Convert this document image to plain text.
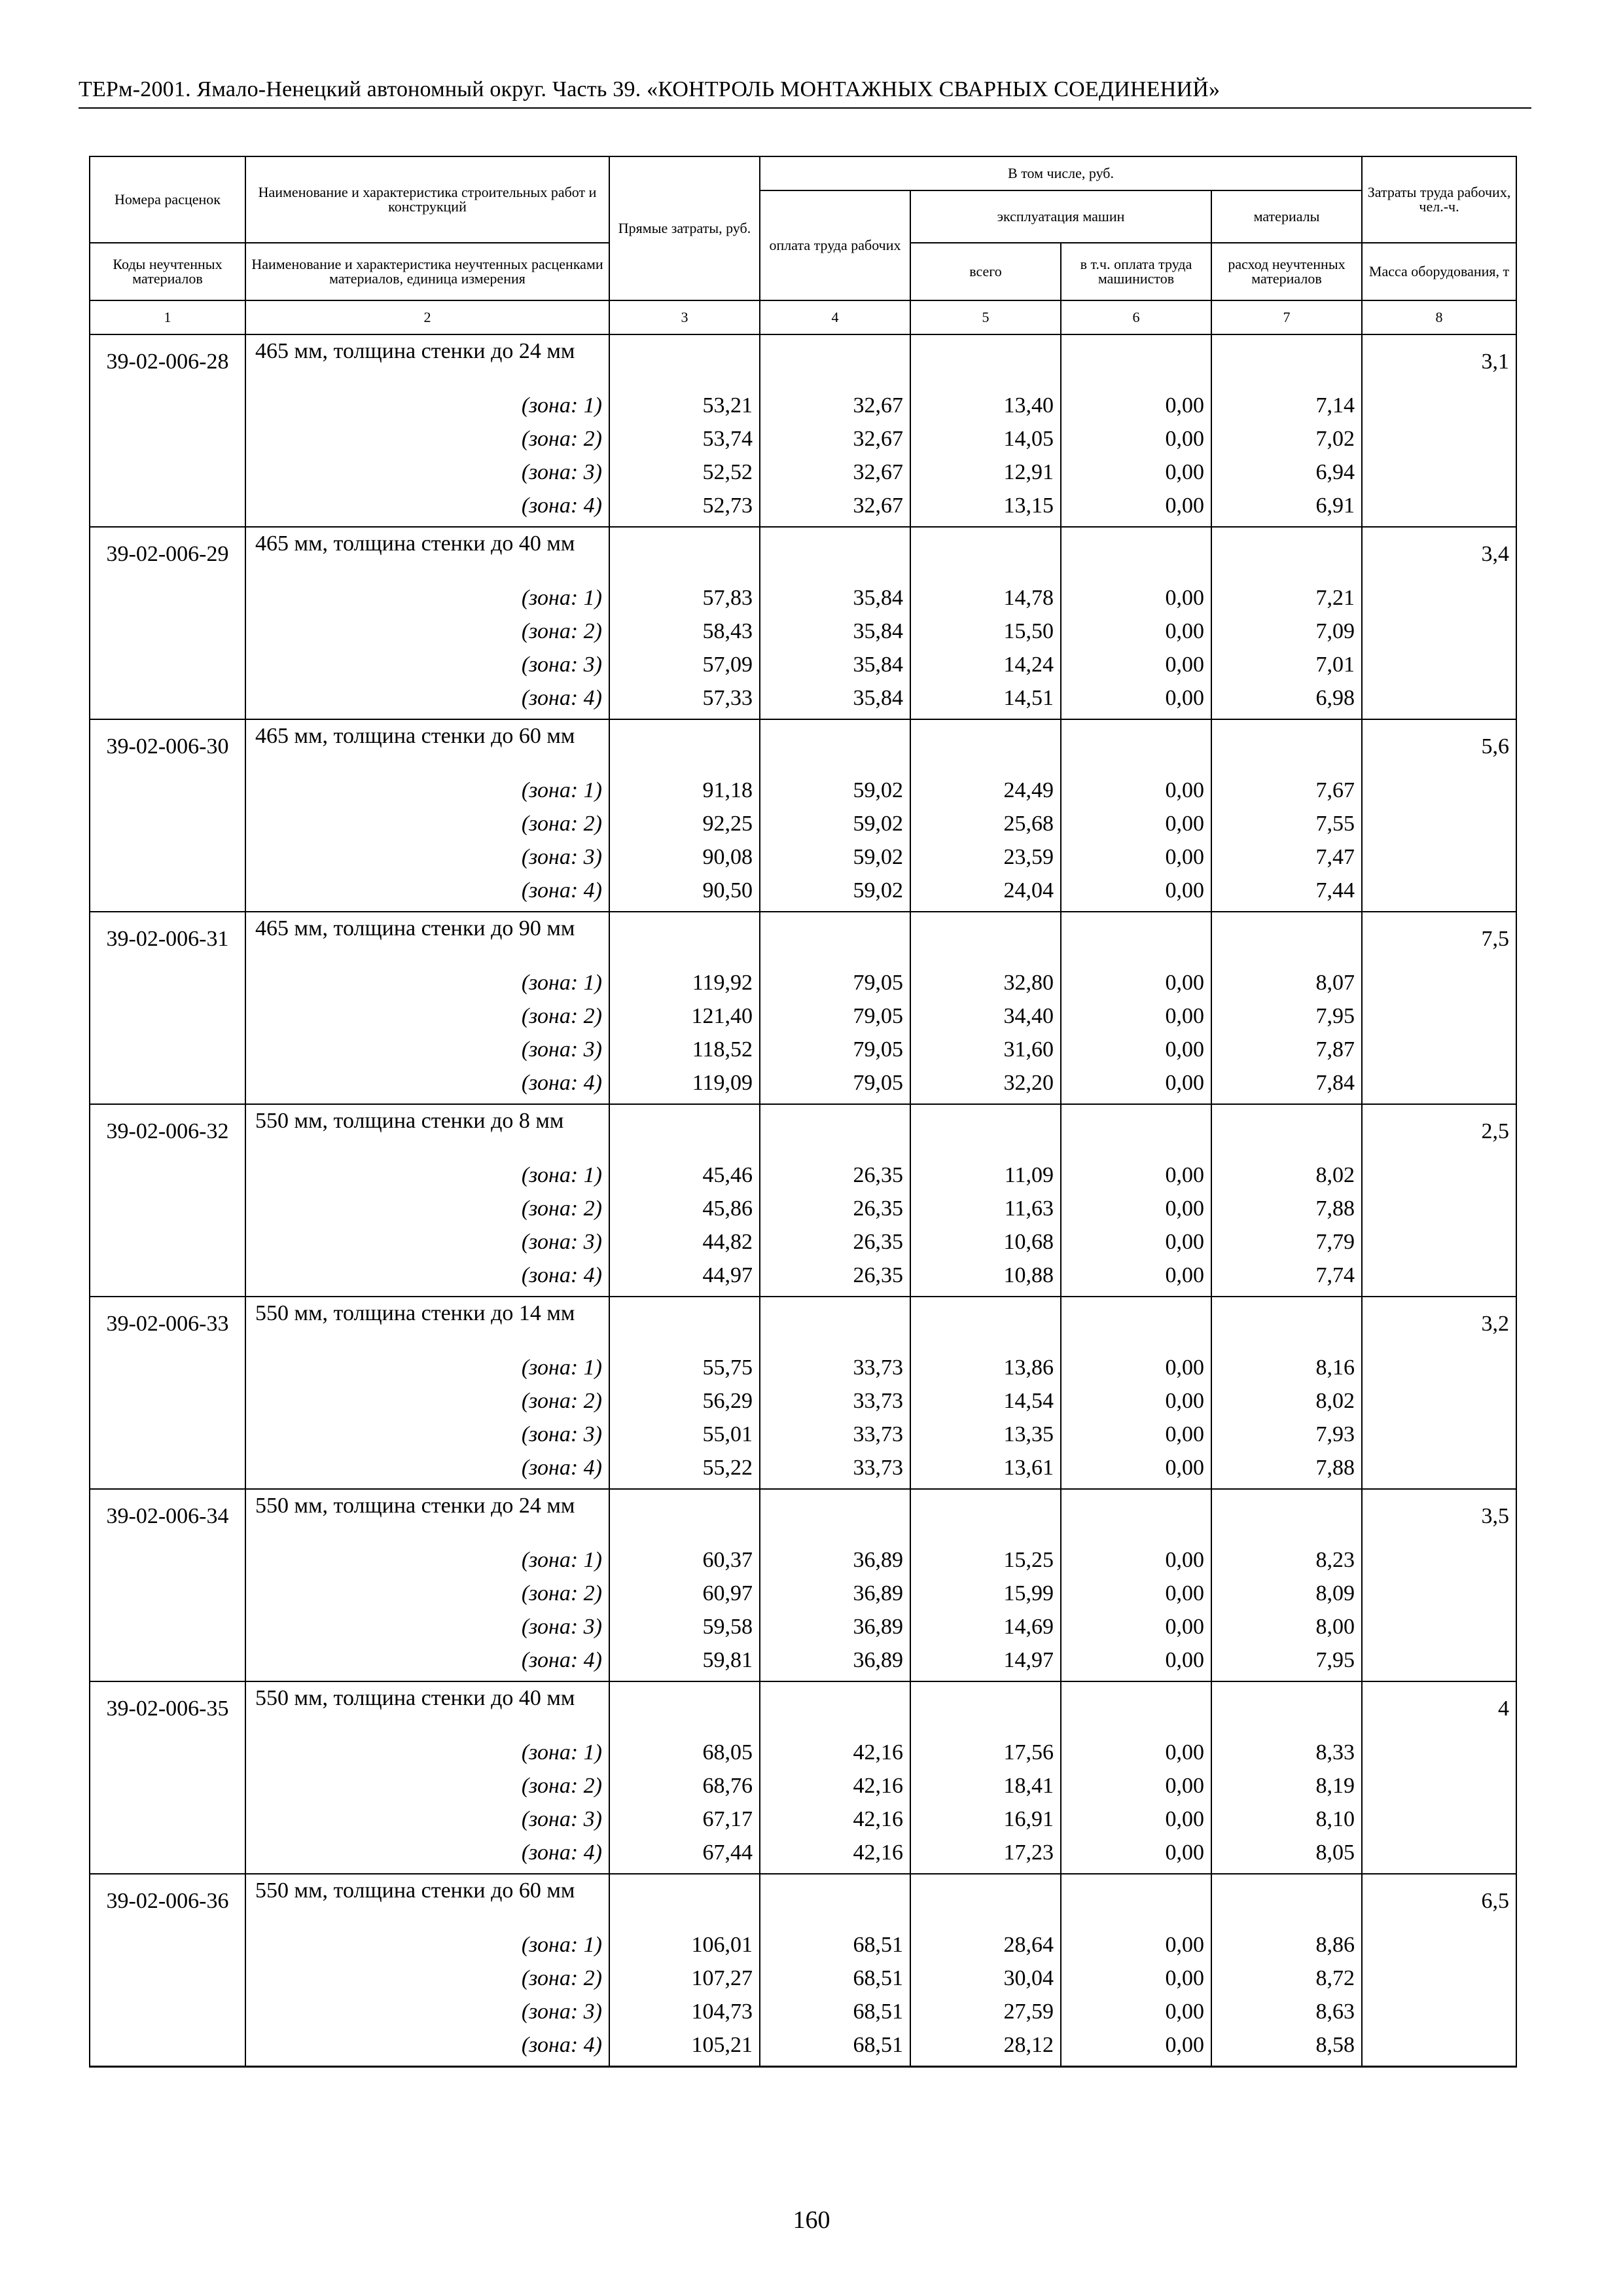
ТЕРм-2001. Ямало-Ненецкий автономный округ. Часть 39. «КОНТРОЛЬ МОНТАЖНЫХ СВАРНЫХ СОЕДИНЕНИЙ»
Номера расценок	Наименование и характеристика строительных работ и конструкций	Прямые затраты, руб.	В том числе, руб.				Затраты труда рабочих, чел.-ч.
			оплата труда рабочих	эксплуатация машин		материалы	
Коды неучтенных материалов	Наименование и характеристика неучтенных расценками материалов, единица измерения			всего	в т.ч. оплата труда машинистов	расход неучтенных материалов	Масса оборудования, т
1	2	3	4	5	6	7	8
39-02-006-28	465 мм, толщина стенки до 24 мм						3,1
	(зона: 1)	53,21	32,67	13,40	0,00	7,14	
	(зона: 2)	53,74	32,67	14,05	0,00	7,02	
	(зона: 3)	52,52	32,67	12,91	0,00	6,94	
	(зона: 4)	52,73	32,67	13,15	0,00	6,91	
39-02-006-29	465 мм, толщина стенки до 40 мм						3,4
	(зона: 1)	57,83	35,84	14,78	0,00	7,21	
	(зона: 2)	58,43	35,84	15,50	0,00	7,09	
	(зона: 3)	57,09	35,84	14,24	0,00	7,01	
	(зона: 4)	57,33	35,84	14,51	0,00	6,98	
39-02-006-30	465 мм, толщина стенки до 60 мм						5,6
	(зона: 1)	91,18	59,02	24,49	0,00	7,67	
	(зона: 2)	92,25	59,02	25,68	0,00	7,55	
	(зона: 3)	90,08	59,02	23,59	0,00	7,47	
	(зона: 4)	90,50	59,02	24,04	0,00	7,44	
39-02-006-31	465 мм, толщина стенки до 90 мм						7,5
	(зона: 1)	119,92	79,05	32,80	0,00	8,07	
	(зона: 2)	121,40	79,05	34,40	0,00	7,95	
	(зона: 3)	118,52	79,05	31,60	0,00	7,87	
	(зона: 4)	119,09	79,05	32,20	0,00	7,84	
39-02-006-32	550 мм, толщина стенки до 8 мм						2,5
	(зона: 1)	45,46	26,35	11,09	0,00	8,02	
	(зона: 2)	45,86	26,35	11,63	0,00	7,88	
	(зона: 3)	44,82	26,35	10,68	0,00	7,79	
	(зона: 4)	44,97	26,35	10,88	0,00	7,74	
39-02-006-33	550 мм, толщина стенки до 14 мм						3,2
	(зона: 1)	55,75	33,73	13,86	0,00	8,16	
	(зона: 2)	56,29	33,73	14,54	0,00	8,02	
	(зона: 3)	55,01	33,73	13,35	0,00	7,93	
	(зона: 4)	55,22	33,73	13,61	0,00	7,88	
39-02-006-34	550 мм, толщина стенки до 24 мм						3,5
	(зона: 1)	60,37	36,89	15,25	0,00	8,23	
	(зона: 2)	60,97	36,89	15,99	0,00	8,09	
	(зона: 3)	59,58	36,89	14,69	0,00	8,00	
	(зона: 4)	59,81	36,89	14,97	0,00	7,95	
39-02-006-35	550 мм, толщина стенки до 40 мм						4
	(зона: 1)	68,05	42,16	17,56	0,00	8,33	
	(зона: 2)	68,76	42,16	18,41	0,00	8,19	
	(зона: 3)	67,17	42,16	16,91	0,00	8,10	
	(зона: 4)	67,44	42,16	17,23	0,00	8,05	
39-02-006-36	550 мм, толщина стенки до 60 мм						6,5
	(зона: 1)	106,01	68,51	28,64	0,00	8,86	
	(зона: 2)	107,27	68,51	30,04	0,00	8,72	
	(зона: 3)	104,73	68,51	27,59	0,00	8,63	
	(зона: 4)	105,21	68,51	28,12	0,00	8,58	
160
